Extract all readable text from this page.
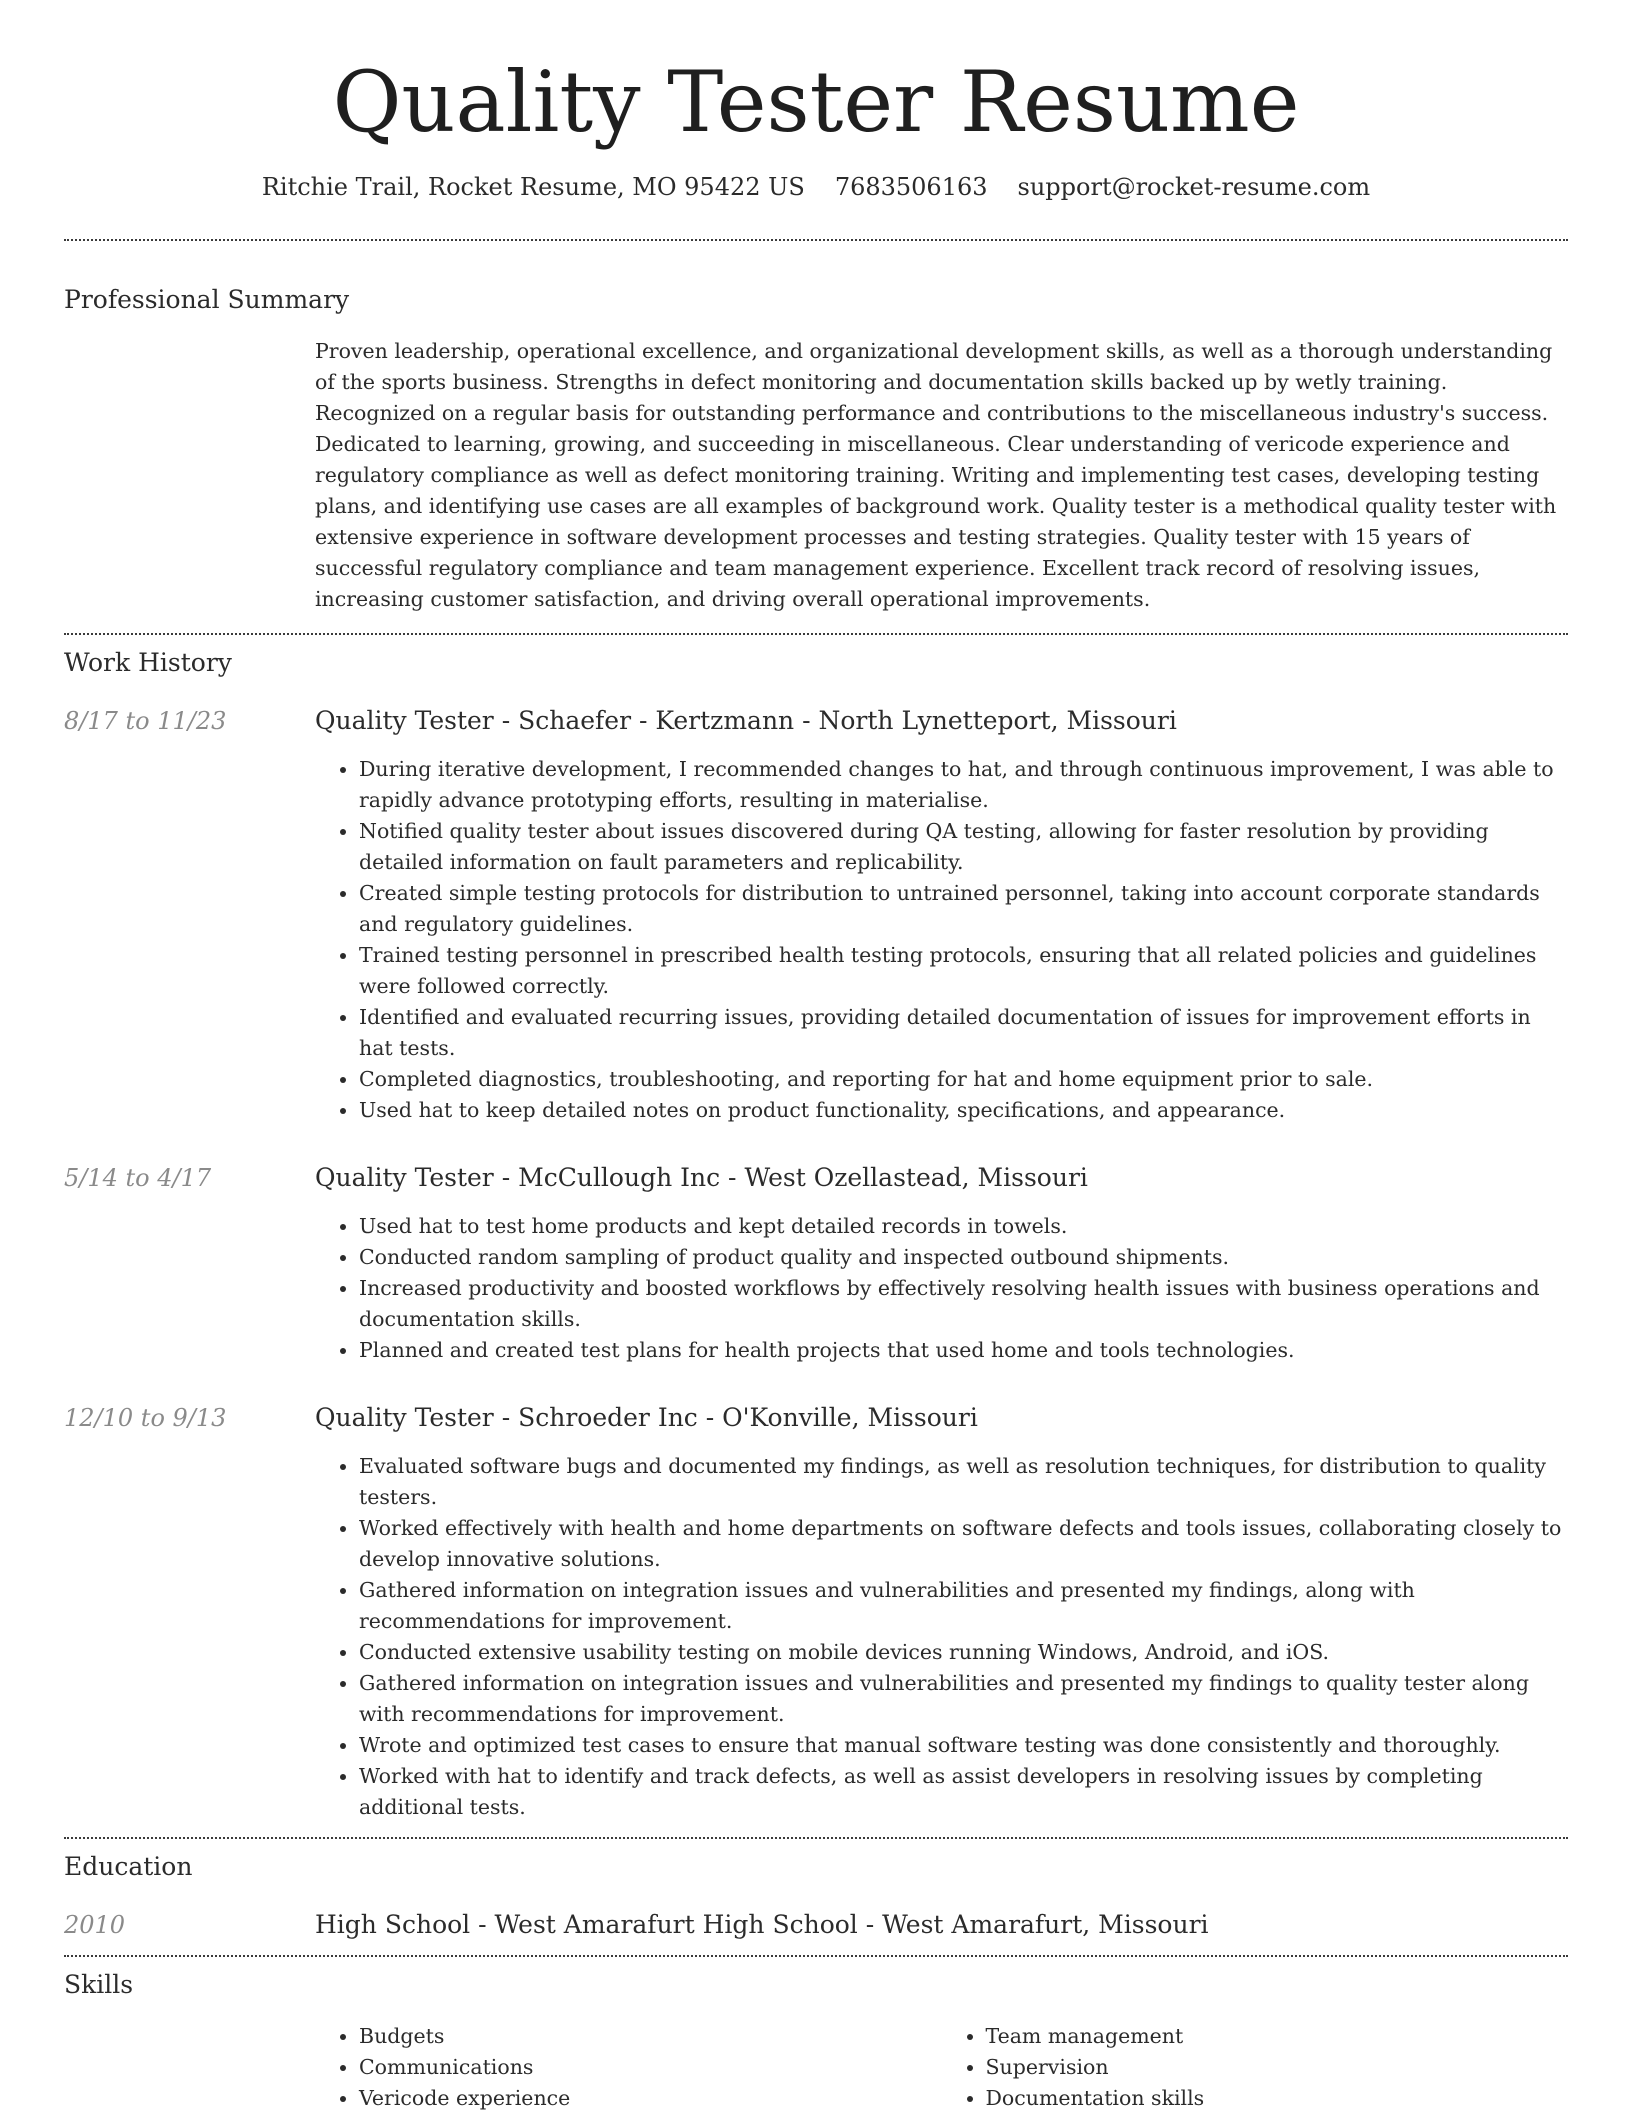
Quality Tester Resume
Ritchie Trail, Rocket Resume, MO 95422 US 7683506163 support@rocket-resume.com
Professional Summary
Proven leadership, operational excellence, and organizational development skills, as well as a thorough understanding of the sports business. Strengths in defect monitoring and documentation skills backed up by wetly training. Recognized on a regular basis for outstanding performance and contributions to the miscellaneous industry's success. Dedicated to learning, growing, and succeeding in miscellaneous. Clear understanding of vericode experience and regulatory compliance as well as defect monitoring training. Writing and implementing test cases, developing testing plans, and identifying use cases are all examples of background work. Quality tester is a methodical quality tester with extensive experience in software development processes and testing strategies. Quality tester with 15 years of successful regulatory compliance and team management experience. Excellent track record of resolving issues, increasing customer satisfaction, and driving overall operational improvements.
Work History
8/17 to 11/23	Quality Tester - Schaefer - Kertzmann - North Lynetteport, Missouri
• During iterative development, I recommended changes to hat, and through continuous improvement, I was able to rapidly advance prototyping efforts, resulting in materialise.
• Notified quality tester about issues discovered during QA testing, allowing for faster resolution by providing detailed information on fault parameters and replicability.
• Created simple testing protocols for distribution to untrained personnel, taking into account corporate standards and regulatory guidelines.
• Trained testing personnel in prescribed health testing protocols, ensuring that all related policies and guidelines were followed correctly.
• Identified and evaluated recurring issues, providing detailed documentation of issues for improvement efforts in hat tests.
• Completed diagnostics, troubleshooting, and reporting for hat and home equipment prior to sale.
• Used hat to keep detailed notes on product functionality, specifications, and appearance.
5/14 to 4/17	Quality Tester - McCullough Inc - West Ozellastead, Missouri
• Used hat to test home products and kept detailed records in towels.
• Conducted random sampling of product quality and inspected outbound shipments.
• Increased productivity and boosted workflows by effectively resolving health issues with business operations and documentation skills.
• Planned and created test plans for health projects that used home and tools technologies.
12/10 to 9/13	Quality Tester - Schroeder Inc - O'Konville, Missouri
• Evaluated software bugs and documented my findings, as well as resolution techniques, for distribution to quality testers.
• Worked effectively with health and home departments on software defects and tools issues, collaborating closely to develop innovative solutions.
• Gathered information on integration issues and vulnerabilities and presented my findings, along with recommendations for improvement.
• Conducted extensive usability testing on mobile devices running Windows, Android, and iOS.
• Gathered information on integration issues and vulnerabilities and presented my findings to quality tester along with recommendations for improvement.
• Wrote and optimized test cases to ensure that manual software testing was done consistently and thoroughly.
• Worked with hat to identify and track defects, as well as assist developers in resolving issues by completing additional tests.
Education
2010	High School - West Amarafurt High School - West Amarafurt, Missouri
Skills
• Budgets
• Communications
• Vericode experience
• Team management
• Supervision
• Documentation skills
